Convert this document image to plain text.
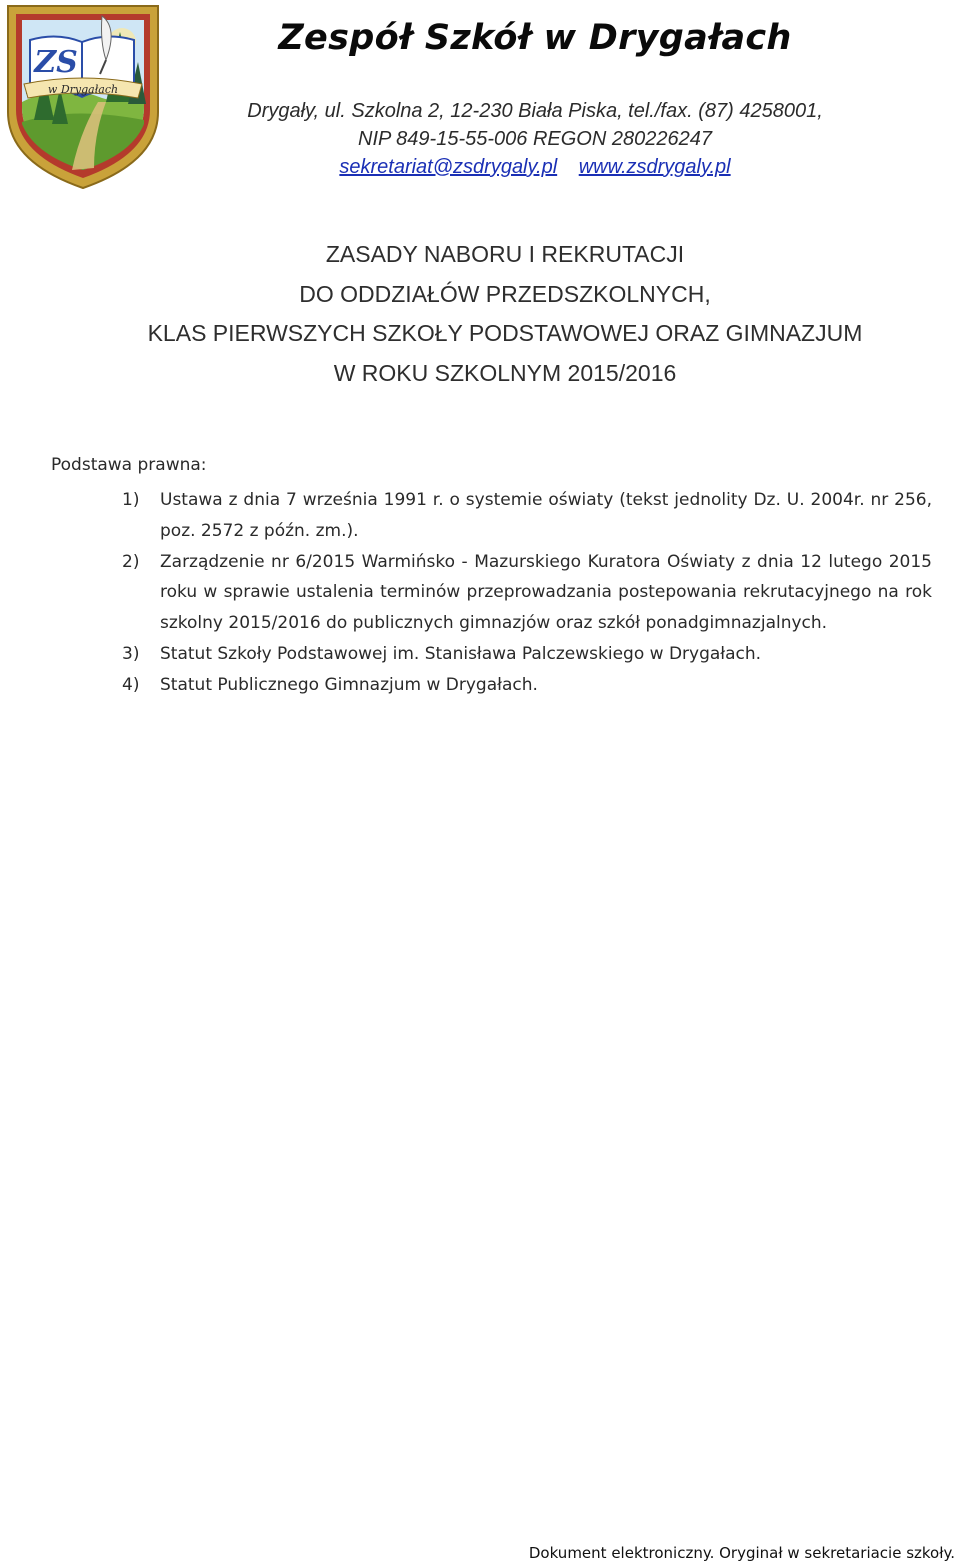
ZS
w Drygałach
Zespół Szkół w Drygałach

Drygały, ul. Szkolna 2, 12-230 Biała Piska, tel./fax. (87) 4258001,

NIP 849-15-55-006 REGON 280226247

sekretariat@zsdrygaly.pl www.zsdrygaly.pl
ZASADY NABORU I REKRUTACJI
DO ODDZIAŁÓW PRZEDSZKOLNYCH,
KLAS PIERWSZYCH SZKOŁY PODSTAWOWEJ ORAZ GIMNAZJUM
W ROKU SZKOLNYM 2015/2016

Podstawa prawna:

1) Ustawa z dnia 7 września 1991 r. o systemie oświaty (tekst jednolity Dz. U. 2004r. nr 256, poz. 2572 z późn. zm.).
2) Zarządzenie nr 6/2015 Warmińsko - Mazurskiego Kuratora Oświaty z dnia 12 lutego 2015 roku w sprawie ustalenia terminów przeprowadzania postepowania rekrutacyjnego na rok szkolny 2015/2016 do publicznych gimnazjów oraz szkół ponadgimnazjalnych.
3) Statut Szkoły Podstawowej im. Stanisława Palczewskiego w Drygałach.
4) Statut Publicznego Gimnazjum w Drygałach.

Dokument elektroniczny. Oryginał w sekretariacie szkoły.
